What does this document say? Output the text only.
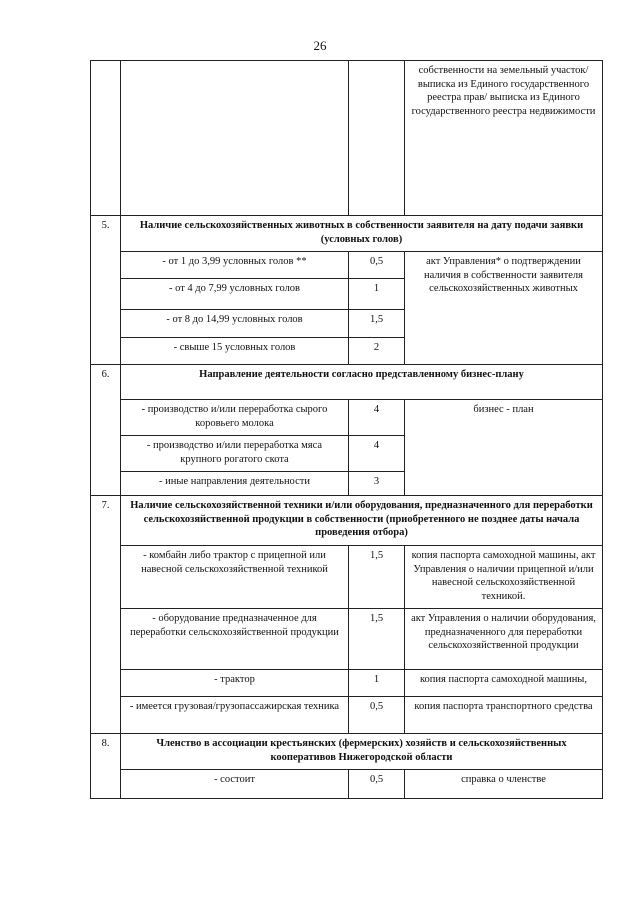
26
			собственности на земельный участок/выписка из Единого государственного реестра прав/ выписка из Единого государственного реестра недвижимости
5.	Наличие сельскохозяйственных животных в собственности заявителя на дату подачи заявки (условных голов)		
	- от 1 до 3,99 условных голов **	0,5	акт Управления* о подтверждении наличия в собственности заявителя сельскохозяйственных животных
	- от 4 до 7,99 условных голов	1	
	- от 8 до 14,99 условных голов	1,5	
	- свыше 15 условных голов	2	
6.	Направление деятельности согласно представленному бизнес-плану		
	- производство и/или переработка сырого коровьего молока	4	бизнес - план
	- производство и/или переработка мяса крупного рогатого скота	4	
	- иные направления деятельности	3	
7.	Наличие сельскохозяйственной техники и/или оборудования, предназначенного для переработки сельскохозяйственной продукции в собственности (приобретенного не позднее даты начала проведения отбора)		
	- комбайн либо трактор с прицепной или навесной сельскохозяйственной техникой	1,5	копия паспорта самоходной машины, акт Управления о наличии прицепной и/или навесной сельскохозяйственной техникой.
	- оборудование предназначенное для переработки сельскохозяйственной продукции	1,5	акт Управления о наличии оборудования, предназначенного для переработки сельскохозяйственной продукции
	- трактор	1	копия паспорта самоходной машины,
	- имеется грузовая/грузопассажирская техника	0,5	копия паспорта транспортного средства
8.	Членство в ассоциации крестьянских (фермерских) хозяйств и сельскохозяйственных кооперативов Нижегородской области		
	- состоит	0,5	справка о членстве
